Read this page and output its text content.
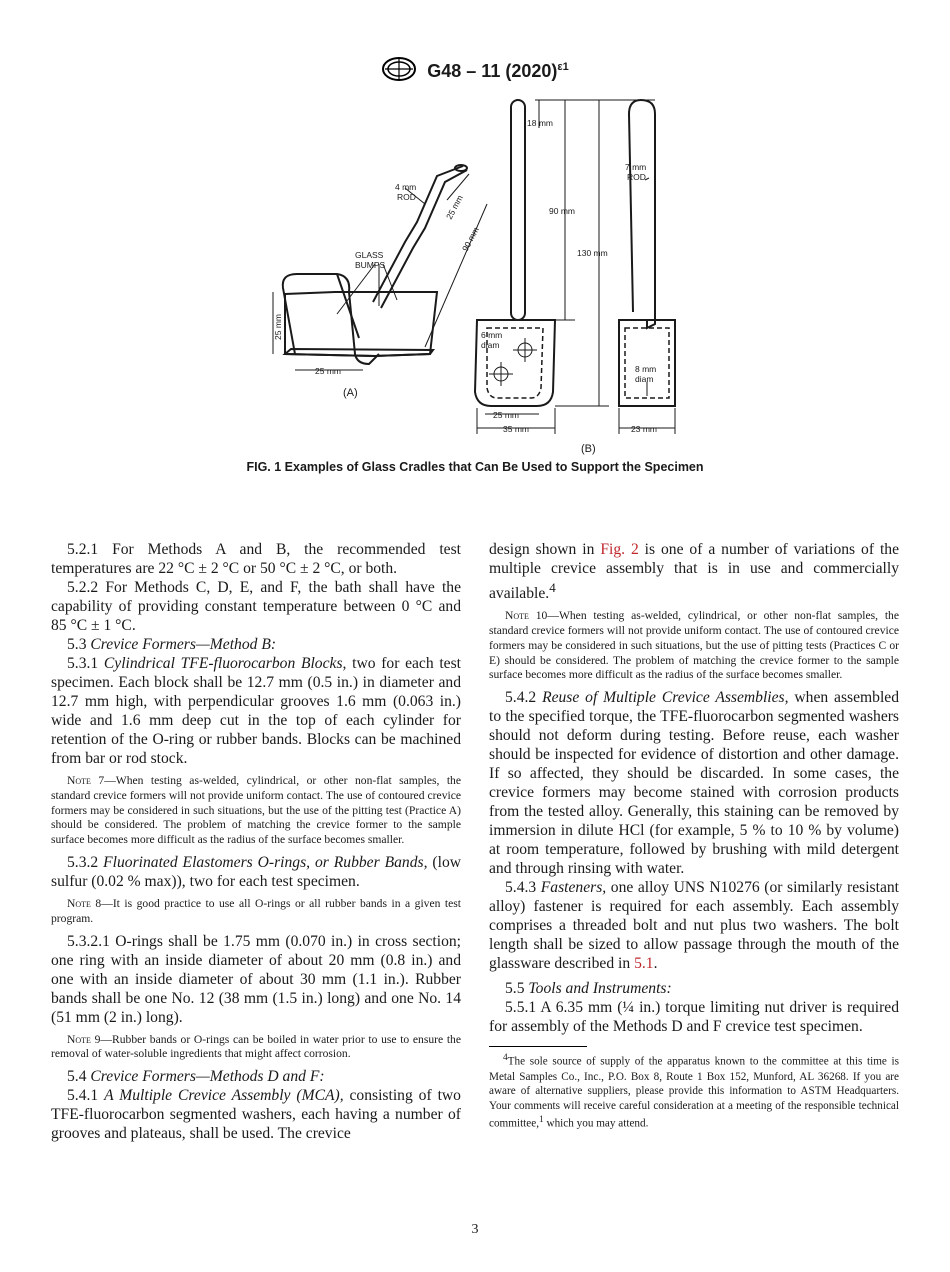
G48 – 11 $(2020)^{\varepsilon 1}$
4 mm
ROD	25 mm
90 mm
GLASS
BUMPS
25 mm
25 mm
(A)
18 mm
90 mm
130 mm
6 mm
diam
25 mm
35 mm
7 mm
ROD
8 mm
diam
23 mm
(B)
FIG. 1 Examples of Glass Cradles that Can Be Used to Support the Specimen

5.2.1 For Methods A and B, the recommended test temperatures are 22 °C ± 2 °C or 50 °C ± 2 °C, or both.

5.2.2 For Methods C, D, E, and F, the bath shall have the capability of providing constant temperature between 0 °C and 85 °C ± 1 °C.

5.3 Crevice Formers—Method B:

5.3.1 Cylindrical TFE-fluorocarbon Blocks, two for each test specimen. Each block shall be 12.7 mm (0.5 in.) in diameter and 12.7 mm high, with perpendicular grooves 1.6 mm (0.063 in.) wide and 1.6 mm deep cut in the top of each cylinder for retention of the O-ring or rubber bands. Blocks can be machined from bar or rod stock.

Note 7—When testing as-welded, cylindrical, or other non-flat samples, the standard crevice formers will not provide uniform contact. The use of contoured crevice formers may be considered in such situations, but the use of the pitting test (Practice A) should be considered. The problem of matching the crevice former to the sample surface becomes more difficult as the radius of the surface becomes smaller.

5.3.2 Fluorinated Elastomers O-rings, or Rubber Bands, (low sulfur (0.02 % max)), two for each test specimen.

Note 8—It is good practice to use all O-rings or all rubber bands in a given test program.

5.3.2.1 O-rings shall be 1.75 mm (0.070 in.) in cross section; one ring with an inside diameter of about 20 mm (0.8 in.) and one with an inside diameter of about 30 mm (1.1 in.). Rubber bands shall be one No. 12 (38 mm (1.5 in.) long) and one No. 14 (51 mm (2 in.) long).

Note 9—Rubber bands or O-rings can be boiled in water prior to use to ensure the removal of water-soluble ingredients that might affect corrosion.

5.4 Crevice Formers—Methods D and F:

5.4.1 A Multiple Crevice Assembly (MCA), consisting of two TFE-fluorocarbon segmented washers, each having a number of grooves and plateaus, shall be used. The crevice

design shown in Fig. 2 is one of a number of variations of the multiple crevice assembly that is in use and commercially available.$^4$

Note 10—When testing as-welded, cylindrical, or other non-flat samples, the standard crevice formers will not provide uniform contact. The use of contoured crevice formers may be considered in such situations, but the use of pitting tests (Practices C or E) should be considered. The problem of matching the crevice former to the sample surface becomes more difficult as the radius of the surface becomes smaller.

5.4.2 Reuse of Multiple Crevice Assemblies, when assembled to the specified torque, the TFE-fluorocarbon segmented washers should not deform during testing. Before reuse, each washer should be inspected for evidence of distortion and other damage. If so affected, they should be discarded. In some cases, the crevice formers may become stained with corrosion products from the tested alloy. Generally, this staining can be removed by immersion in dilute HCl (for example, 5 % to 10 % by volume) at room temperature, followed by brushing with mild detergent and through rinsing with water.

5.4.3 Fasteners, one alloy UNS N10276 (or similarly resistant alloy) fastener is required for each assembly. Each assembly comprises a threaded bolt and nut plus two washers. The bolt length shall be sized to allow passage through the mouth of the glassware described in 5.1.

5.5 Tools and Instruments:

5.5.1 A 6.35 mm (¼ in.) torque limiting nut driver is required for assembly of the Methods D and F crevice test specimen.

$^4$The sole source of supply of the apparatus known to the committee at this time is Metal Samples Co., Inc., P.O. Box 8, Route 1 Box 152, Munford, AL 36268. If you are aware of alternative suppliers, please provide this information to ASTM Headquarters. Your comments will receive careful consideration at a meeting of the responsible technical committee,$^1$ which you may attend.

3
